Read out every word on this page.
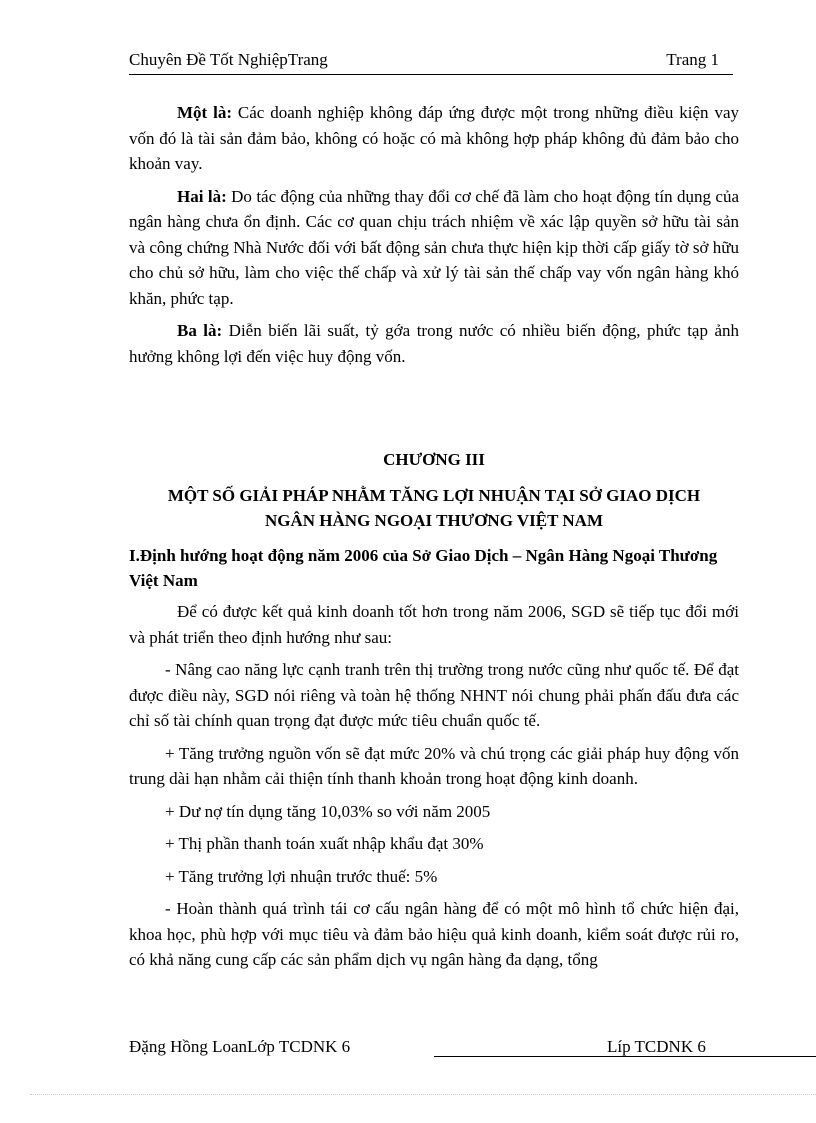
Chuyên Đề Tốt NghiệpTrang	Trang 1

Một là: Các doanh nghiệp không đáp ứng được một trong những điều kiện vay vốn đó là tài sản đảm bảo, không có hoặc có mà không hợp pháp không đủ đảm bảo cho khoản vay.

Hai là: Do tác động của những thay đổi cơ chế đã làm cho hoạt động tín dụng của ngân hàng chưa ổn định. Các cơ quan chịu trách nhiệm về xác lập quyền sở hữu tài sản và công chứng Nhà Nước đối với bất động sản chưa thực hiện kịp thời cấp giấy tờ sở hữu cho chủ sở hữu, làm cho việc thế chấp và xử lý tài sản thế chấp vay vốn ngân hàng khó khăn, phức tạp.

Ba là: Diễn biến lãi suất, tỷ gớa trong nước có nhiều biến động, phức tạp ảnh hưởng không lợi đến việc huy động vốn.

CHƯƠNG III
MỘT SỐ GIẢI PHÁP NHẰM TĂNG LỢI NHUẬN TẠI SỞ GIAO DỊCH
NGÂN HÀNG NGOẠI THƯƠNG VIỆT NAM
I.Định hướng hoạt động năm 2006 của Sở Giao Dịch – Ngân Hàng Ngoại Thương Việt Nam

Để có được kết quả kinh doanh tốt hơn trong năm 2006, SGD sẽ tiếp tục đổi mới và phát triển theo định hướng như sau:

- Nâng cao năng lực cạnh tranh trên thị trường trong nước cũng như quốc tế. Để đạt được điều này, SGD nói riêng và toàn hệ thống NHNT nói chung phải phấn đấu đưa các chỉ số tài chính quan trọng đạt được mức tiêu chuẩn quốc tế.

+ Tăng trưởng nguồn vốn sẽ đạt mức 20% và chú trọng các giải pháp huy động vốn trung dài hạn nhằm cải thiện tính thanh khoản trong hoạt động kinh doanh.

+ Dư nợ tín dụng tăng 10,03% so với năm 2005

+ Thị phần thanh toán xuất nhập khẩu đạt 30%

+ Tăng trưởng lợi nhuận trước thuế: 5%

- Hoàn thành quá trình tái cơ cấu ngân hàng để có một mô hình tổ chức hiện đại, khoa học, phù hợp với mục tiêu và đảm bảo hiệu quả kinh doanh, kiểm soát được rủi ro, có khả năng cung cấp các sản phẩm dịch vụ ngân hàng đa dạng, tổng

Đặng Hồng LoanLớp TCDNK 6	Líp TCDNK 6
